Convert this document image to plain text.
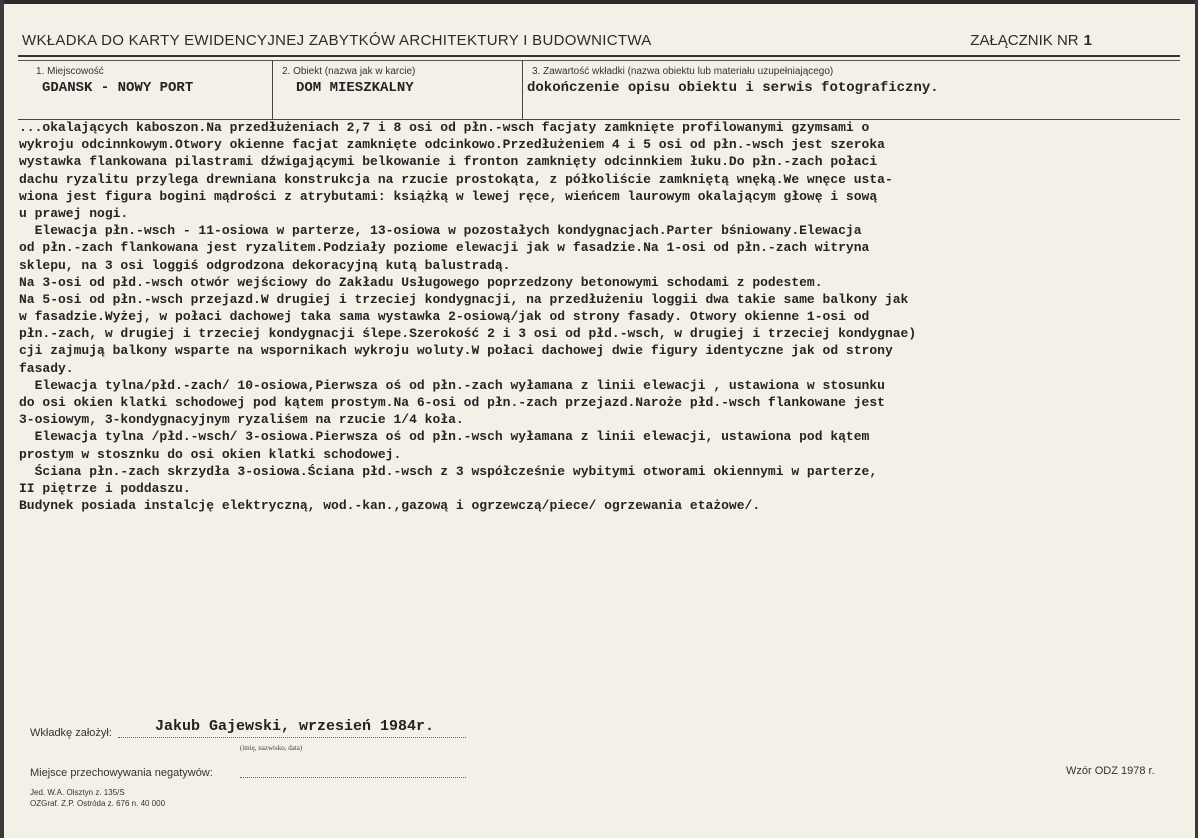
WKŁADKA DO KARTY EWIDENCYJNEJ ZABYTKÓW ARCHITEKTURY I BUDOWNICTWA	ZAŁĄCZNIK NR 1
1. Miejscowość
GDANSK - NOWY PORT
2. Obiekt (nazwa jak w karcie)
DOM MIESZKALNY
3. Zawartość wkładki (nazwa obiektu lub materiału uzupełniającego)
dokończenie opisu obiektu i serwis fotograficzny.
...okalających kaboszon.Na przedłużeniach 2,7 i 8 osi od płn.-wsch facjaty zamknięte profilowanymi gzymsami o
wykroju odcinnkowym.Otwory okienne facjat zamknięte odcinkowo.Przedłużeniem 4 i 5 osi od płn.-wsch jest szeroka
wystawka flankowana pilastrami dźwigającymi belkowanie i fronton zamknięty odcinnkiem łuku.Do płn.-zach połaci
dachu ryzalitu przylega drewniana konstrukcja na rzucie prostokąta, z półkoliście zamkniętą wnęką.We wnęce usta-
wiona jest figura bogini mądrości z atrybutami: książką w lewej ręce, wieńcem laurowym okalającym głowę i sową
u prawej nogi.
Elewacja płn.-wsch - 11-osiowa w parterze, 13-osiowa w pozostałych kondygnacjach.Parter bśniowany.Elewacja
od płn.-zach flankowana jest ryzalitem.Podziały poziome elewacji jak w fasadzie.Na 1-osi od płn.-zach witryna
sklepu, na 3 osi loggiś odgrodzona dekoracyjną kutą balustradą.
Na 3-osi od płd.-wsch otwór wejściowy do Zakładu Usługowego poprzedzony betonowymi schodami z podestem.
Na 5-osi od płn.-wsch przejazd.W drugiej i trzeciej kondygnacji, na przedłużeniu loggii dwa takie same balkony jak
w fasadzie.Wyżej, w połaci dachowej taka sama wystawka 2-osiową/jak od strony fasady. Otwory okienne 1-osi od
płn.-zach, w drugiej i trzeciej kondygnacji ślepe.Szerokość 2 i 3 osi od płd.-wsch, w drugiej i trzeciej kondygnae)
cji zajmują balkony wsparte na wspornikach wykroju woluty.W połaci dachowej dwie figury identyczne jak od strony
fasady.
Elewacja tylna/płd.-zach/ 10-osiowa,Pierwsza oś od płn.-zach wyłamana z linii elewacji , ustawiona w stosunku
do osi okien klatki schodowej pod kątem prostym.Na 6-osi od płn.-zach przejazd.Naroże płd.-wsch flankowane jest
3-osiowym, 3-kondygnacyjnym ryzaliśem na rzucie 1/4 koła.
Elewacja tylna /płd.-wsch/ 3-osiowa.Pierwsza oś od płn.-wsch wyłamana z linii elewacji, ustawiona pod kątem
prostym w stosznku do osi okien klatki schodowej.
Ściana płn.-zach skrzydła 3-osiowa.Ściana płd.-wsch z 3 współcześnie wybitymi otworami okiennymi w parterze,
II piętrze i poddaszu.
Budynek posiada instalcję elektryczną, wod.-kan.,gazową i ogrzewczą/piece/ ogrzewania etażowe/.
Wkładkę założył:	Jakub Gajewski, wrzesień 1984r.
(imię, nazwisko, data)
Miejsce przechowywania negatywów:
Jed. W.A. Olsztyn z. 135/S
OZGraf. Z.P. Ostróda z. 676 n. 40 000
Wzór ODZ 1978 r.
